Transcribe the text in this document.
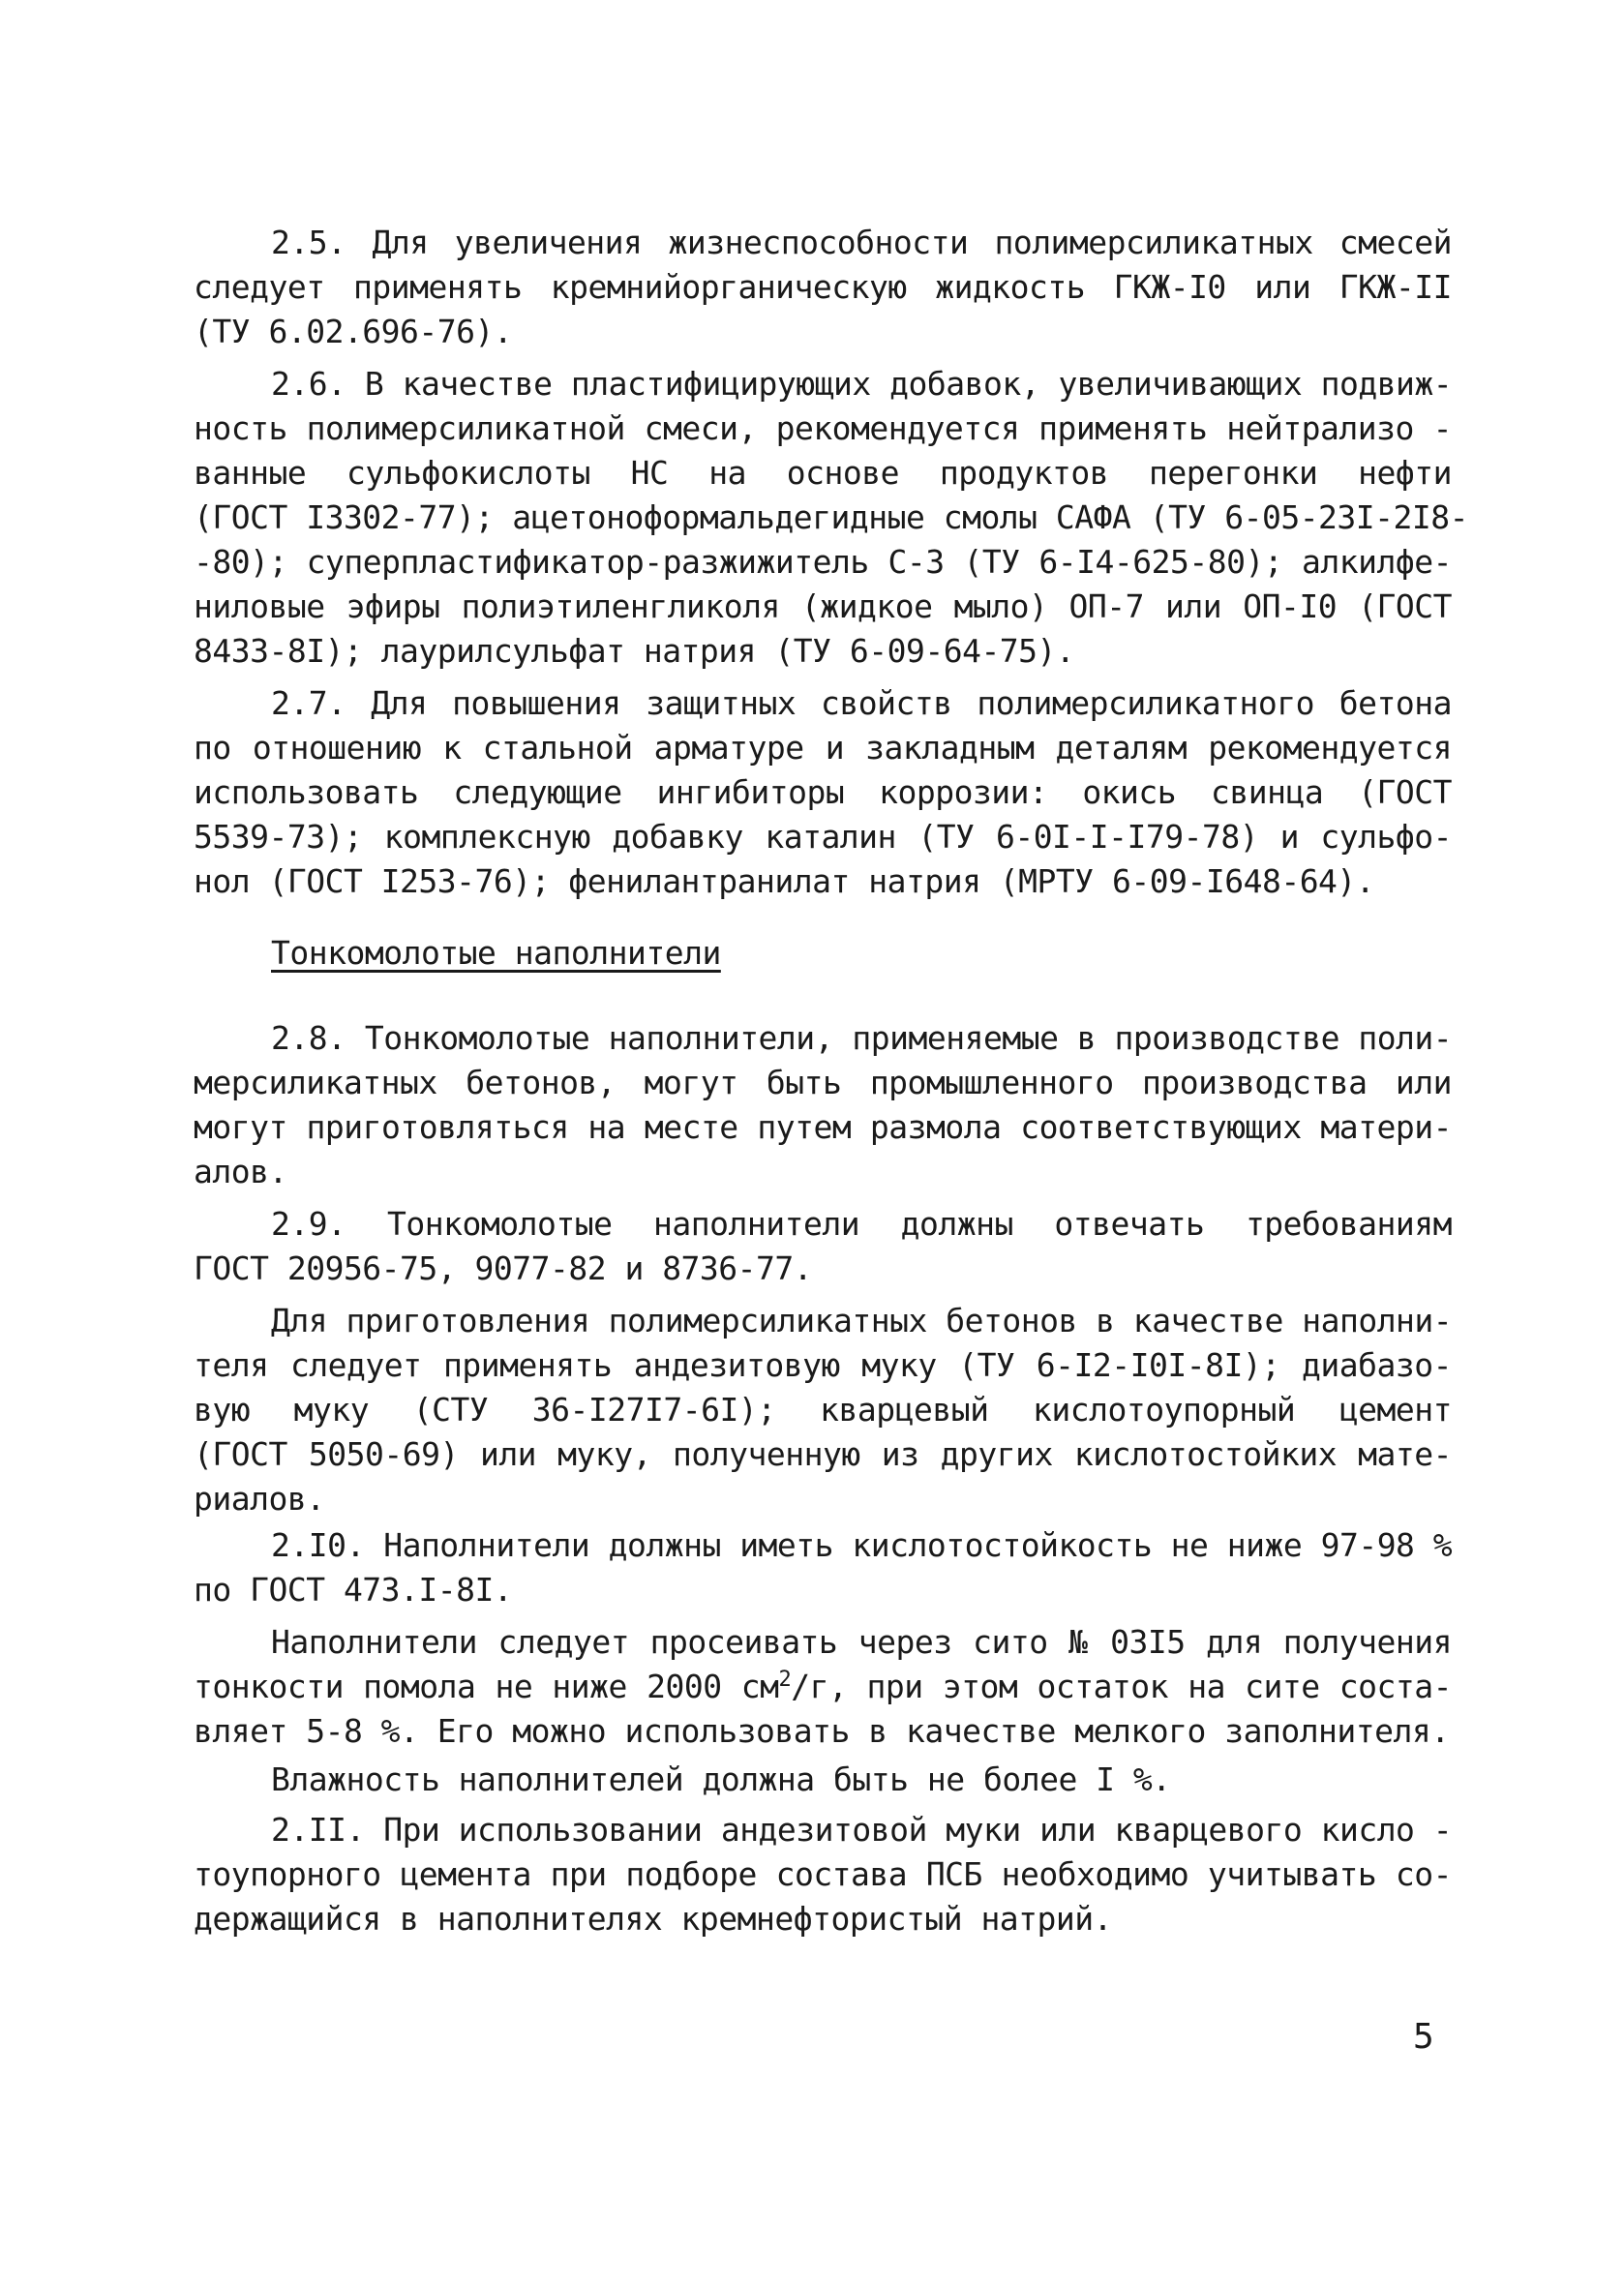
2.5. Для увеличения жизнеспособности полимерсиликатных смесей
следует применять кремнийорганическую жидкость ГКЖ-I0 или ГКЖ-II
(ТУ 6.02.696-76).
2.6. В качестве пластифицирующих добавок, увеличивающих подвиж-
ность полимерсиликатной смеси, рекомендуется применять нейтрализо -
ванные сульфокислоты НС на основе продуктов перегонки нефти
(ГОСТ I3302-77); ацетоноформальдегидные смолы САФА (ТУ 6-05-23I-2I8-
-80); суперпластификатор-разжижитель С-3 (ТУ 6-I4-625-80); алкилфе-
ниловые эфиры полиэтиленгликоля (жидкое мыло) ОП-7 или ОП-I0 (ГОСТ
8433-8I); лаурилсульфат натрия (ТУ 6-09-64-75).
2.7. Для повышения защитных свойств полимерсиликатного бетона
по отношению к стальной арматуре и закладным деталям рекомендуется
использовать следующие ингибиторы коррозии: окись свинца (ГОСТ
5539-73); комплексную добавку каталин (ТУ 6-0I-I-I79-78) и сульфо-
нол (ГОСТ I253-76); фенилантранилат натрия (МРТУ 6-09-I648-64).
Тонкомолотые наполнители
2.8. Тонкомолотые наполнители, применяемые в производстве поли-
мерсиликатных бетонов, могут быть промышленного производства или
могут приготовляться на месте путем размола соответствующих матери-
алов.
2.9. Тонкомолотые наполнители должны отвечать требованиям
ГОСТ 20956-75, 9077-82 и 8736-77.
Для приготовления полимерсиликатных бетонов в качестве наполни-
теля следует применять андезитовую муку (ТУ 6-I2-I0I-8I); диабазо-
вую муку (СТУ 36-I27I7-6I); кварцевый кислотоупорный цемент
(ГОСТ 5050-69) или муку, полученную из других кислотостойких мате-
риалов.
2.I0. Наполнители должны иметь кислотостойкость не ниже 97-98 %
по ГОСТ 473.I-8I.
Наполнители следует просеивать через сито № 03I5 для получения
тонкости помола не ниже 2000 $см^2/г$, при этом остаток на сите соста-
вляет 5-8 %. Его можно использовать в качестве мелкого заполнителя.
Влажность наполнителей должна быть не более I %.
2.II. При использовании андезитовой муки или кварцевого кисло -
тоупорного цемента при подборе состава ПСБ необходимо учитывать со-
держащийся в наполнителях кремнефтористый натрий.
5
